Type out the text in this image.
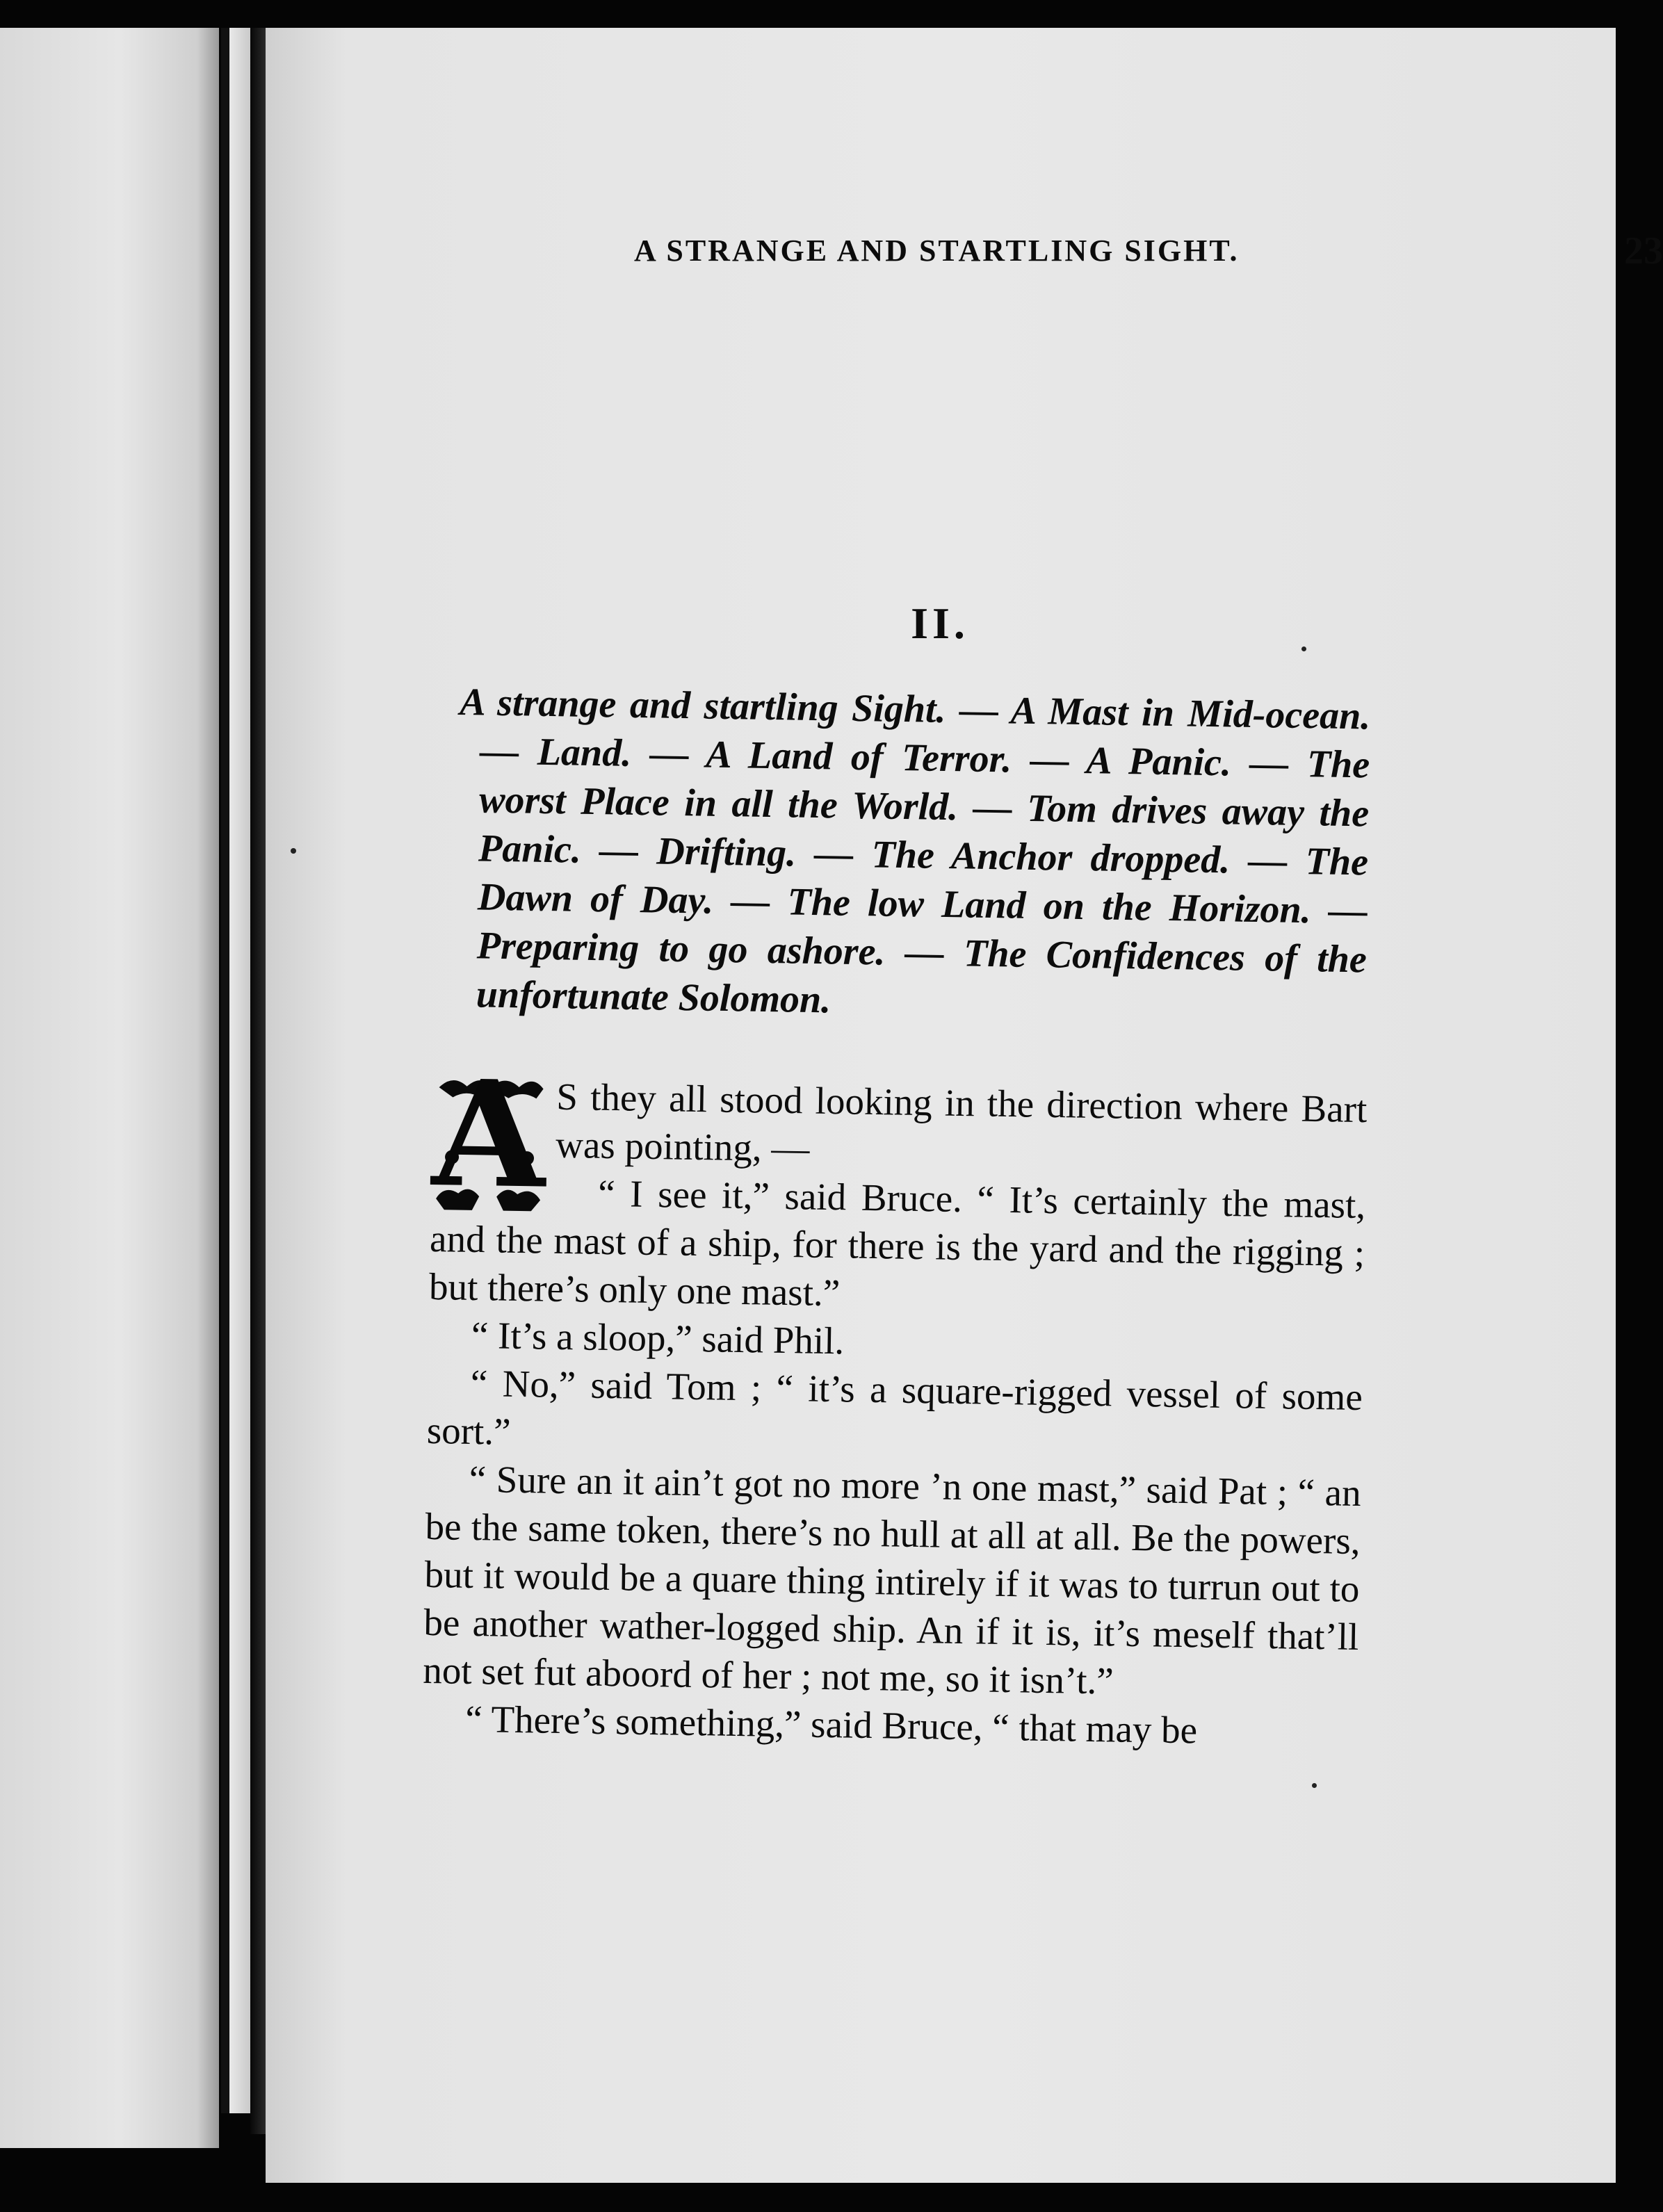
A STRANGE AND STARTLING SIGHT.	23
II.

A strange and startling Sight. — A Mast in Mid-ocean. — Land. — A Land of Terror. — A Panic. — The worst Place in all the World. — Tom drives away the Panic. — Drifting. — The Anchor dropped. — The Dawn of Day. — The low Land on the Horizon. — Preparing to go ashore. — The Confidences of the unfortunate Solomon.

A S they all stood looking in the direction where Bart was pointing, —

“ I see it,” said Bruce. “ It’s certainly the mast, and the mast of a ship, for there is the yard and the rigging ; but there’s only one mast.”

“ It’s a sloop,” said Phil.

“ No,” said Tom ; “ it’s a square-rigged vessel of some sort.”

“ Sure an it ain’t got no more ’n one mast,” said Pat ; “ an be the same token, there’s no hull at all at all. Be the powers, but it would be a quare thing intirely if it was to turrun out to be another wather-logged ship. An if it is, it’s meself that’ll not set fut aboord of her ; not me, so it isn’t.”

“ There’s something,” said Bruce, “ that may be
